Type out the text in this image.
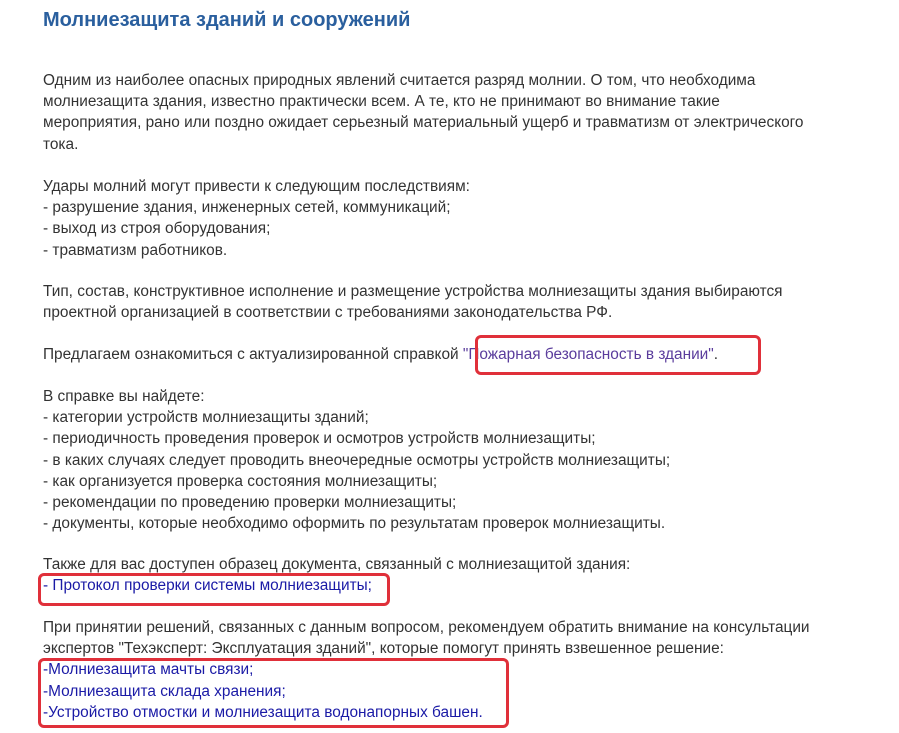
Молниезащита зданий и сооружений
Одним из наиболее опасных природных явлений считается разряд молнии. О том, что необходима
молниезащита здания, известно практически всем. А те, кто не принимают во внимание такие
мероприятия, рано или поздно ожидает серьезный материальный ущерб и травматизм от электрического
тока.
Удары молний могут привести к следующим последствиям:
- разрушение здания, инженерных сетей, коммуникаций;
- выход из строя оборудования;
- травматизм работников.
Тип, состав, конструктивное исполнение и размещение устройства молниезащиты здания выбираются
проектной организацией в соответствии с требованиями законодательства РФ.
Предлагаем ознакомиться с актуализированной справкой "Пожарная безопасность в здании".
В справке вы найдете:
- категории устройств молниезащиты зданий;
- периодичность проведения проверок и осмотров устройств молниезащиты;
- в каких случаях следует проводить внеочередные осмотры устройств молниезащиты;
- как организуется проверка состояния молниезащиты;
- рекомендации по проведению проверки молниезащиты;
- документы, которые необходимо оформить по результатам проверок молниезащиты.
Также для вас доступен образец документа, связанный с молниезащитой здания:
- Протокол проверки системы молниезащиты;
При принятии решений, связанных с данным вопросом, рекомендуем обратить внимание на консультации
экспертов "Техэксперт: Эксплуатация зданий", которые помогут принять взвешенное решение:
-Молниезащита мачты связи;
-Молниезащита склада хранения;
-Устройство отмостки и молниезащита водонапорных башен.
